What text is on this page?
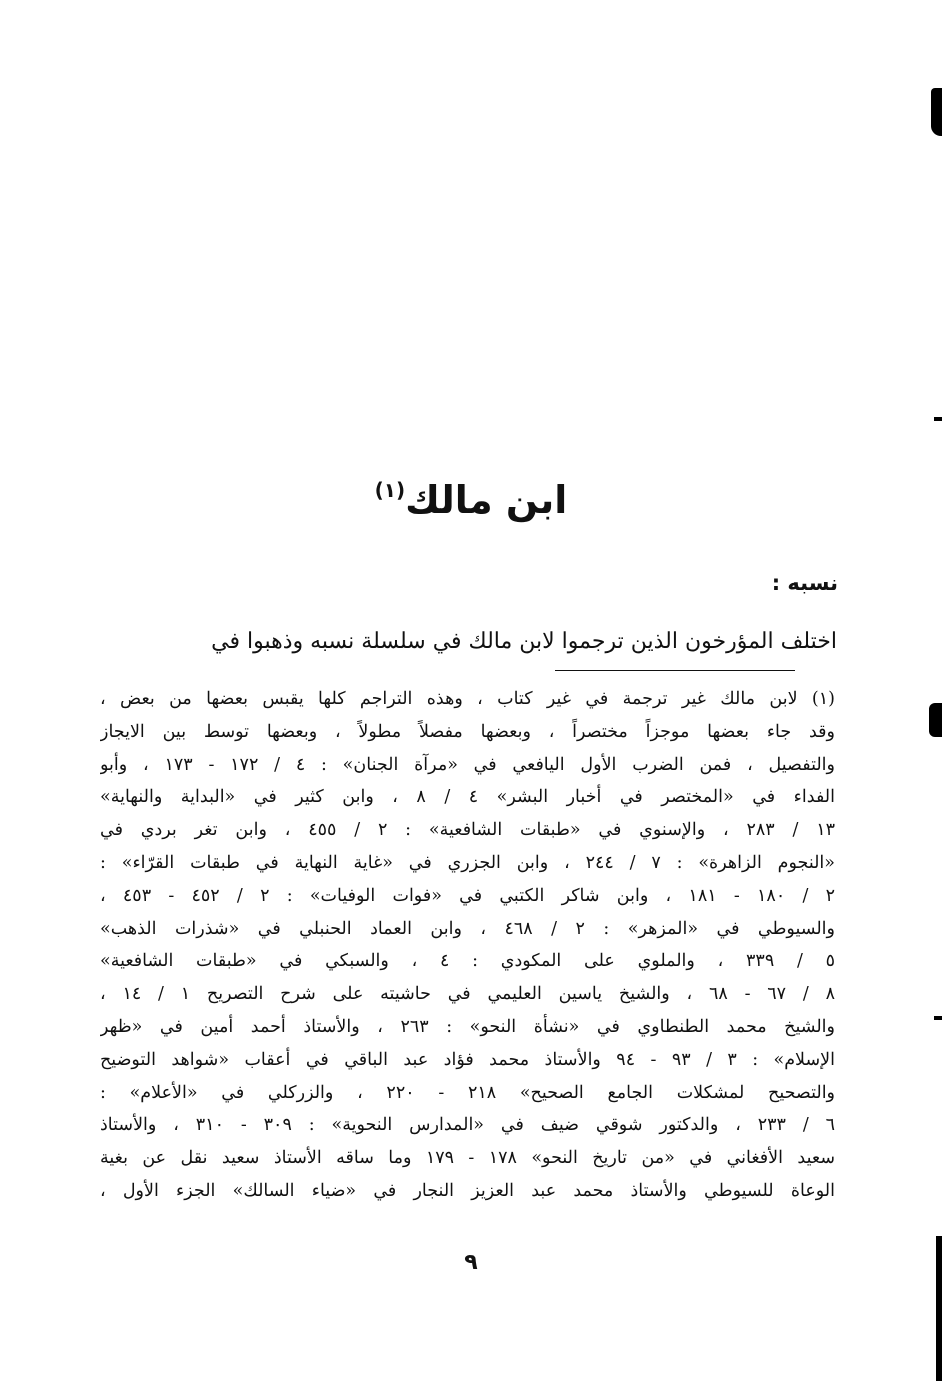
ابن مالك$^{(١)}$
نسبه :
اختلف المؤرخون الذين ترجموا لابن مالك في سلسلة نسبه وذهبوا في
(١) لابن مالك غير ترجمة في غير كتاب ، وهذه التراجم كلها يقبس بعضها من بعض ،
وقد جاء بعضها موجزاً مختصراً ، وبعضها مفصلاً مطولاً ، وبعضها توسط بين الايجاز
والتفصيل ، فمن الضرب الأول اليافعي في «مرآة الجنان» : ٤ / ١٧٢ - ١٧٣ ، وأبو
الفداء في «المختصر في أخبار البشر» ٤ / ٨ ، وابن كثير في «البداية والنهاية»
١٣ / ٢٨٣ ، والإسنوي في «طبقات الشافعية» : ٢ / ٤٥٥ ، وابن تغر بردي في
«النجوم الزاهرة» : ٧ / ٢٤٤ ، وابن الجزري في «غاية النهاية في طبقات القرّاء» :
٢ / ١٨٠ - ١٨١ ، وابن شاكر الكتبي في «فوات الوفيات» : ٢ / ٤٥٢ - ٤٥٣ ،
والسيوطي في «المزهر» : ٢ / ٤٦٨ ، وابن العماد الحنبلي في «شذرات الذهب»
٥ / ٣٣٩ ، والملوي على المكودي : ٤ ، والسبكي في «طبقات الشافعية»
٨ / ٦٧ - ٦٨ ، والشيخ ياسين العليمي في حاشيته على شرح التصريح ١ / ١٤ ،
والشيخ محمد الطنطاوي في «نشأة النحو» : ٢٦٣ ، والأستاذ أحمد أمين في «ظهر
الإسلام» : ٣ / ٩٣ - ٩٤ والأستاذ محمد فؤاد عبد الباقي في أعقاب «شواهد التوضيح
والتصحيح لمشكلات الجامع الصحيح» ٢١٨ - ٢٢٠ ، والزركلي في «الأعلام» :
٦ / ٢٣٣ ، والدكتور شوقي ضيف في «المدارس النحوية» : ٣٠٩ - ٣١٠ ، والأستاذ
سعيد الأفغاني في «من تاريخ النحو» ١٧٨ - ١٧٩ وما ساقه الأستاذ سعيد نقل عن بغية
الوعاة للسيوطي والأستاذ محمد عبد العزيز النجار في «ضياء السالك» الجزء الأول ،
٩
